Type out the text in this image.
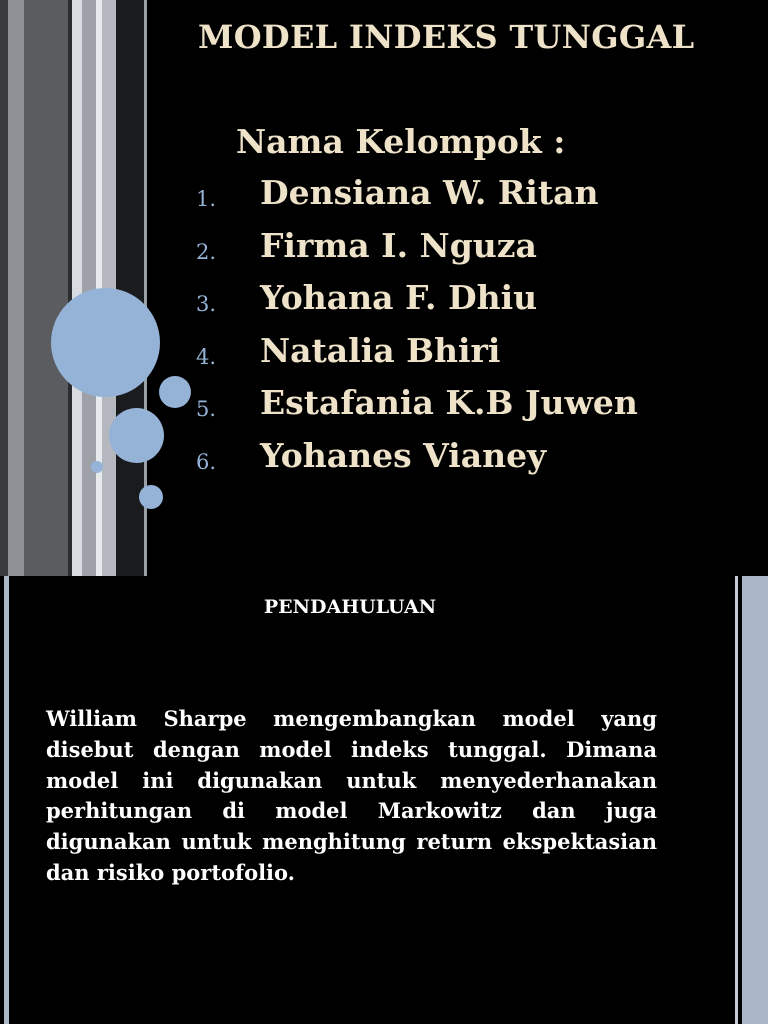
MODEL INDEKS TUNGGAL
Nama Kelompok :
1. Densiana W. Ritan
2. Firma I. Nguza
3. Yohana F. Dhiu
4. Natalia Bhiri
5. Estafania K.B Juwen
6. Yohanes Vianey
PENDAHULUAN

William Sharpe mengembangkan model yang disebut dengan model indeks tunggal. Dimana model ini digunakan untuk menyederhanakan perhitungan di model Markowitz dan juga digunakan untuk menghitung return ekspektasian dan risiko portofolio.
